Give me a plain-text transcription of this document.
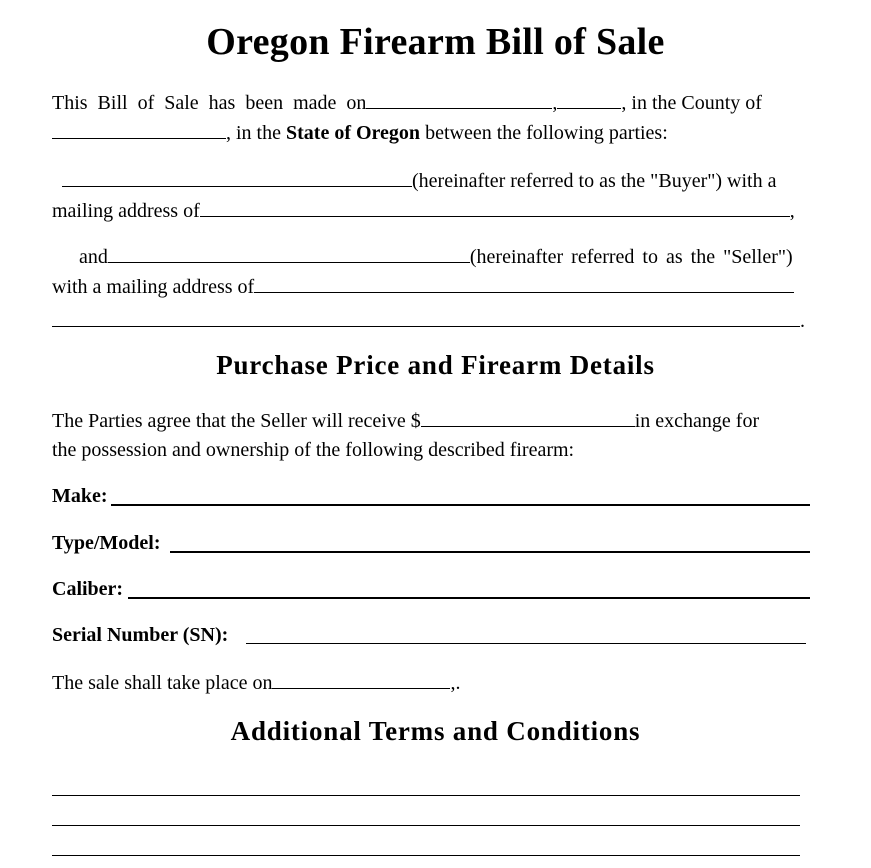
Oregon Firearm Bill of Sale
This Bill of Sale has been made on	,	, in the County of
, in the State of Oregon between the following parties:
(hereinafter referred to as the "Buyer") with a
mailing address of	,
and	(hereinafter referred to as the "Seller")
with a mailing address of
.
Purchase Price and Firearm Details
The Parties agree that the Seller will receive $	in exchange for
the possession and ownership of the following described firearm:
Make:
Type/Model:
Caliber:
Serial Number (SN):
The sale shall take place on	,.
Additional Terms and Conditions
